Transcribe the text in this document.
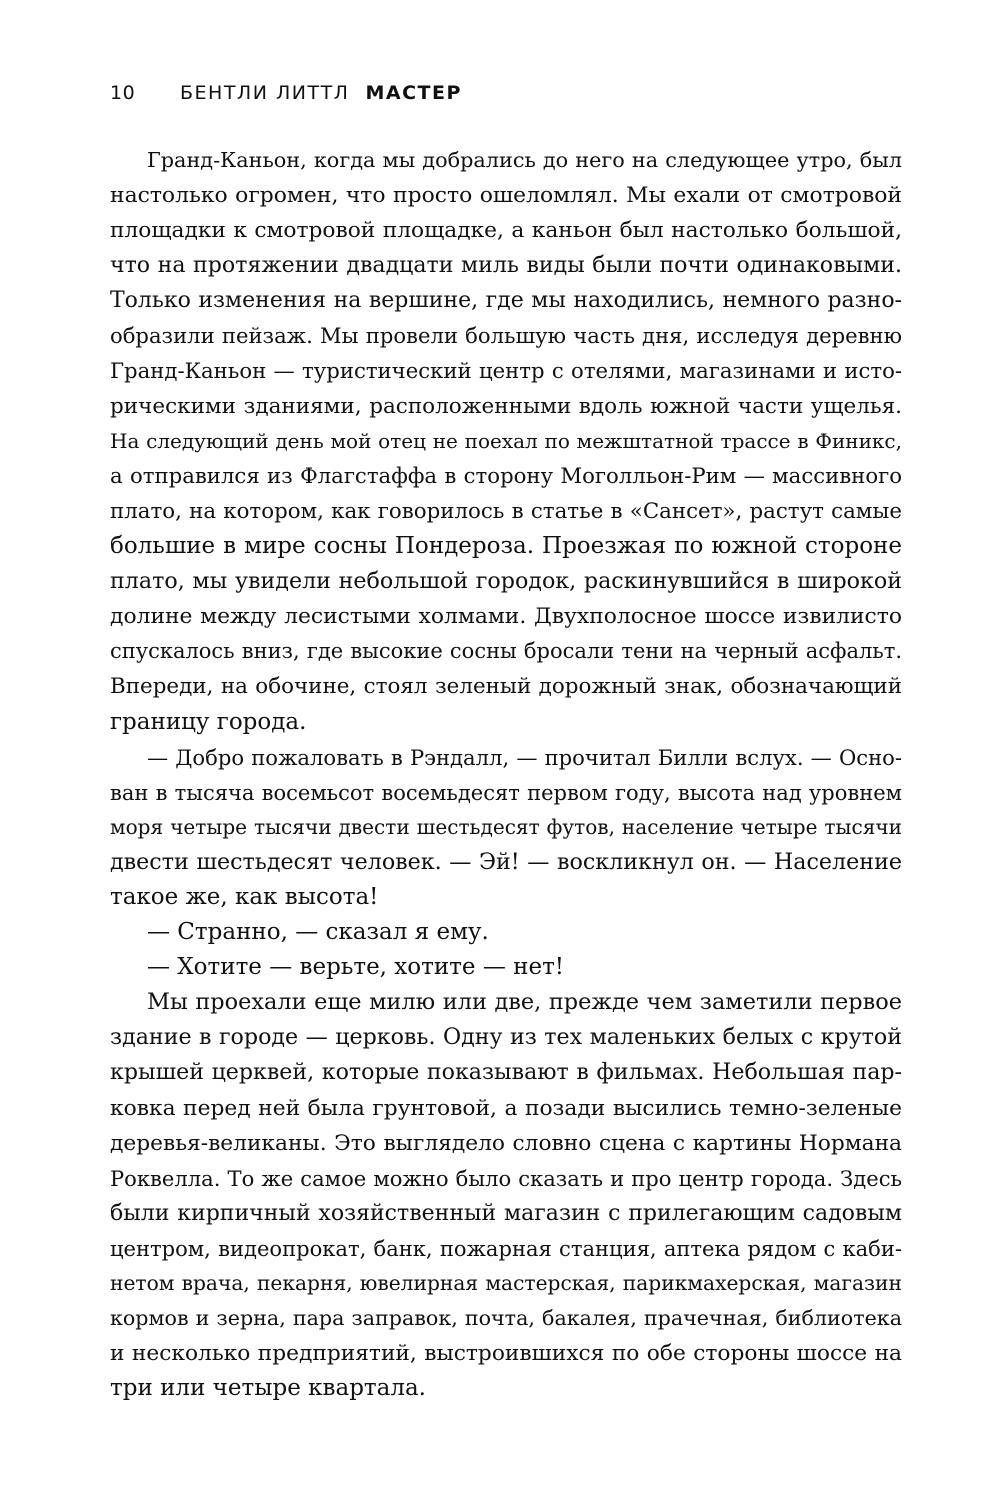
10	БЕНТЛИ ЛИТТЛ МАСТЕР
Гранд-Каньон, когда мы добрались до него на следующее утро, был
настолько огромен, что просто ошеломлял. Мы ехали от смотровой
площадки к смотровой площадке, а каньон был настолько большой,
что на протяжении двадцати миль виды были почти одинаковыми.
Только изменения на вершине, где мы находились, немного разно-
образили пейзаж. Мы провели большую часть дня, исследуя деревню
Гранд-Каньон — туристический центр с отелями, магазинами и исто-
рическими зданиями, расположенными вдоль южной части ущелья.
На следующий день мой отец не поехал по межштатной трассе в Финикс,
а отправился из Флагстаффа в сторону Моголльон-Рим — массивного
плато, на котором, как говорилось в статье в «Сансет», растут самые
большие в мире сосны Пондероза. Проезжая по южной стороне
плато, мы увидели небольшой городок, раскинувшийся в широкой
долине между лесистыми холмами. Двухполосное шоссе извилисто
спускалось вниз, где высокие сосны бросали тени на черный асфальт.
Впереди, на обочине, стоял зеленый дорожный знак, обозначающий
границу города.
— Добро пожаловать в Рэндалл, — прочитал Билли вслух. — Осно-
ван в тысяча восемьсот восемьдесят первом году, высота над уровнем
моря четыре тысячи двести шестьдесят футов, население четыре тысячи
двести шестьдесят человек. — Эй! — воскликнул он. — Население
такое же, как высота!
— Странно, — сказал я ему.
— Хотите — верьте, хотите — нет!
Мы проехали еще милю или две, прежде чем заметили первое
здание в городе — церковь. Одну из тех маленьких белых с крутой
крышей церквей, которые показывают в фильмах. Небольшая пар-
ковка перед ней была грунтовой, а позади высились темно-зеленые
деревья-великаны. Это выглядело словно сцена с картины Нормана
Роквелла. То же самое можно было сказать и про центр города. Здесь
были кирпичный хозяйственный магазин с прилегающим садовым
центром, видеопрокат, банк, пожарная станция, аптека рядом с каби-
нетом врача, пекарня, ювелирная мастерская, парикмахерская, магазин
кормов и зерна, пара заправок, почта, бакалея, прачечная, библиотека
и несколько предприятий, выстроившихся по обе стороны шоссе на
три или четыре квартала.
